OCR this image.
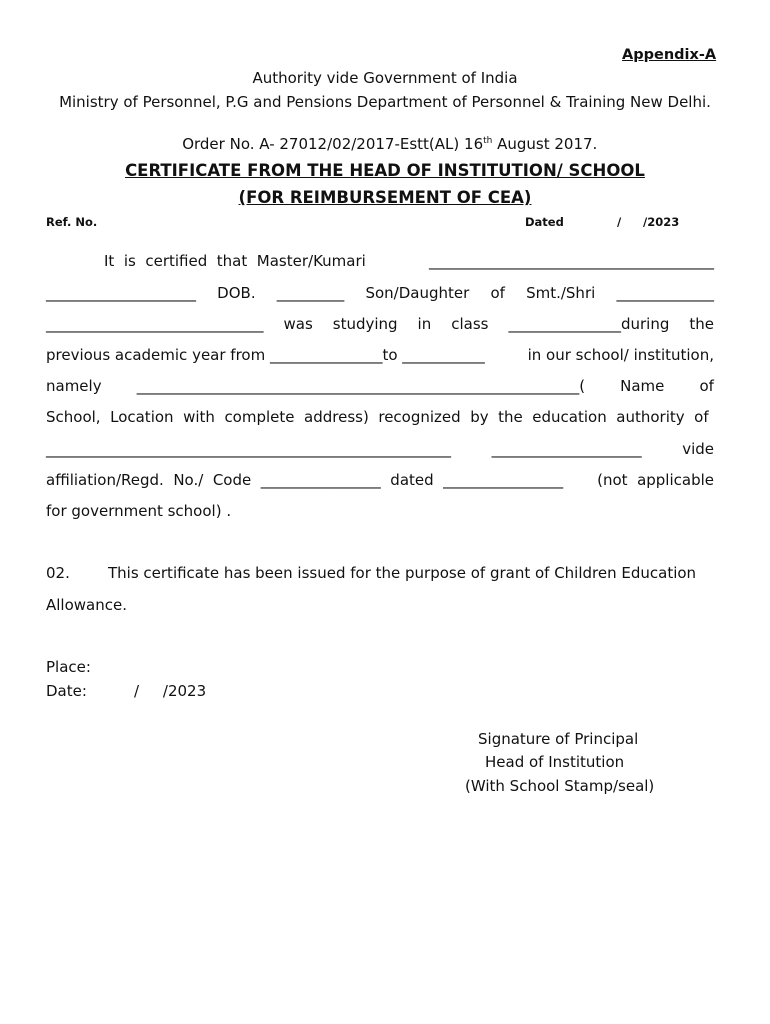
Appendix-A
Authority vide Government of India
Ministry of Personnel, P.G and Pensions Department of Personnel & Training New Delhi.

Order No. A- 27012/02/2017-Estt(AL) 16th August 2017.

CERTIFICATE FROM THE HEAD OF INSTITUTION/ SCHOOL
(FOR REIMBURSEMENT OF CEA)
Ref. No.	Dated	/ /2023
It  is  certified  that  Master/Kumari	______________________________________
____________________ DOB. _________ Son/Daughter of Smt./Shri _____________
_____________________________ was studying in class _______________during the
previous academic year from _______________to ___________	in our school/ institution,
namely ___________________________________________________________( Name of
School,  Location  with  complete  address)  recognized  by  the  education  authority  of
______________________________________________________	____________________	vide
affiliation/Regd.  No./  Code  ________________  dated  ________________ (not  applicable
for government school) .
02.        This certificate has been issued for the purpose of grant of Children Education
Allowance.
Place:
Date:	/     /2023
Signature of Principal
Head of Institution
(With School Stamp/seal)
